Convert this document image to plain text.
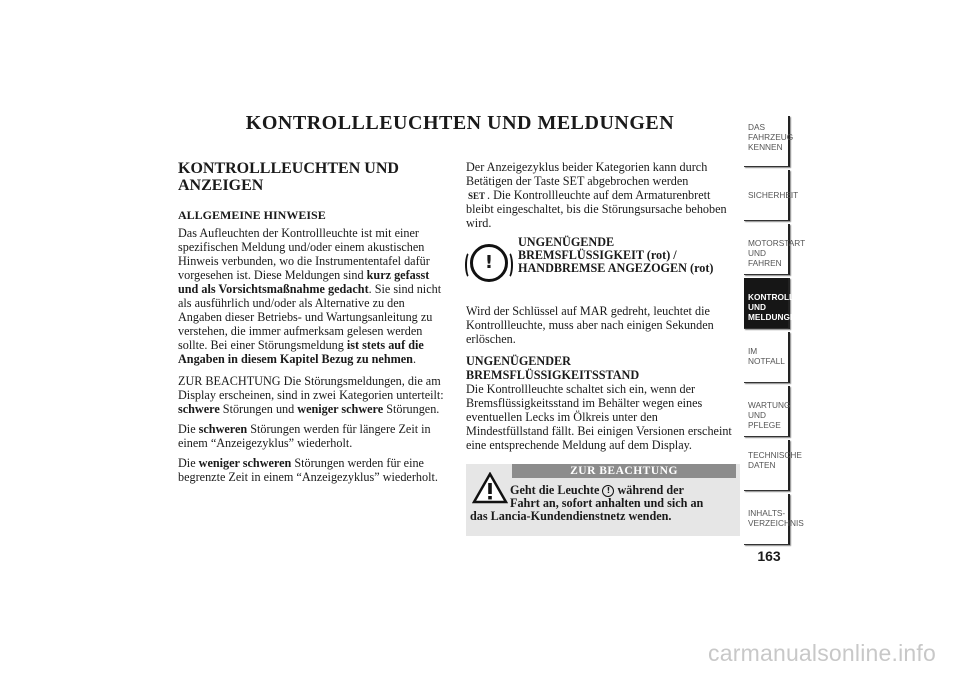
KONTROLLLEUCHTEN UND MELDUNGEN
KONTROLLLEUCHTEN UND ANZEIGEN
ALLGEMEINE HINWEISE

Das Aufleuchten der Kontrollleuchte ist mit einer spezifischen Meldung und/oder einem akustischen Hinweis verbunden, wo die Instrumententafel dafür vorgesehen ist. Diese Meldungen sind kurz gefasst und als Vorsichtsmaßnahme gedacht. Sie sind nicht als ausführlich und/oder als Alternative zu den Angaben dieser Betriebs- und Wartungsanleitung zu verstehen, die immer aufmerksam gelesen werden sollte. Bei einer Störungsmeldung ist stets auf die Angaben in diesem Kapitel Bezug zu nehmen.

ZUR BEACHTUNG Die Störungsmeldungen, die am Display erscheinen, sind in zwei Kategorien unterteilt: schwere Störungen und weniger schwere Störungen.

Die schweren Störungen werden für längere Zeit in einem “Anzeigezyklus” wiederholt.

Die weniger schweren Störungen werden für eine begrenzte Zeit in einem “Anzeigezyklus” wiederholt.

Der Anzeigezyklus beider Kategorien kann durch Betätigen der Taste SET abgebrochen werden
SET . Die Kontrollleuchte auf dem Armaturenbrett bleibt eingeschaltet, bis die Störungsursache behoben wird.

!
UNGENÜGENDE
BREMSFLÜSSIGKEIT (rot) /
HANDBREMSE ANGEZOGEN (rot)

Wird der Schlüssel auf MAR gedreht, leuchtet die Kontrollleuchte, muss aber nach einigen Sekunden erlöschen.

UNGENÜGENDER
BREMSFLÜSSIGKEITSSTAND

Die Kontrollleuchte schaltet sich ein, wenn der Bremsflüssigkeitsstand im Behälter wegen eines eventuellen Lecks im Ölkreis unter den Mindestfüllstand fällt. Bei einigen Versionen erscheint eine entsprechende Meldung auf dem Display.

ZUR BEACHTUNG
Geht die Leuchte ! während der
Fahrt an, sofort anhalten und sich an
das Lancia-Kundendienstnetz wenden.
DAS FAHRZEUG
KENNEN
SICHERHEIT
MOTORSTART UND
FAHREN
KONTROLLLEUCHTEN
UND MELDUNGEN
IM NOTFALL
WARTUNG UND
PFLEGE
TECHNISCHE
DATEN
INHALTS-
VERZEICHNIS
163
carmanualsonline.info
